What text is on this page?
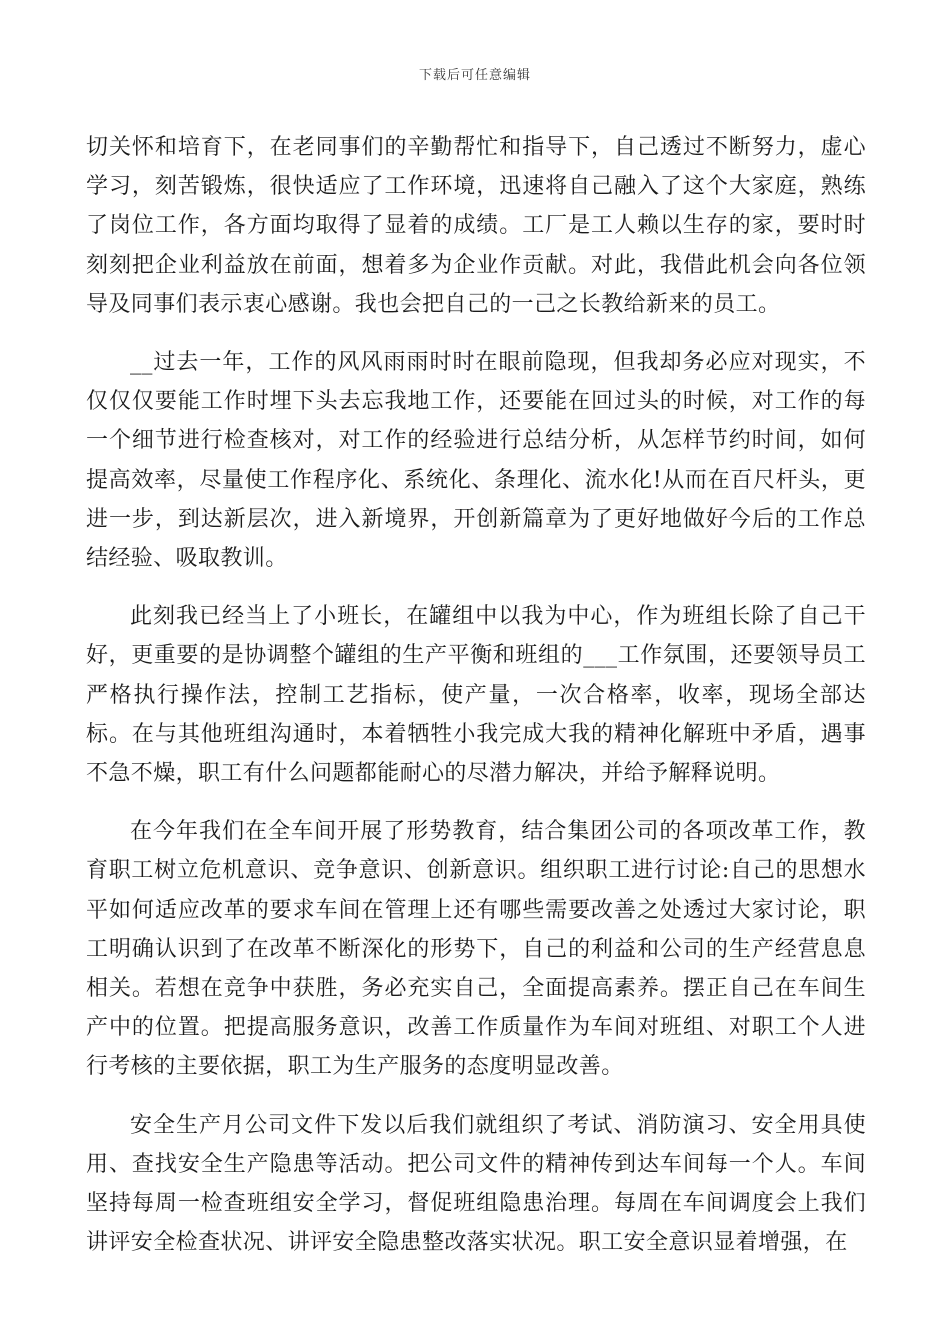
下载后可任意编辑

切关怀和培育下，在老同事们的辛勤帮忙和指导下，自己透过不断努力，虚心学习，刻苦锻炼，很快适应了工作环境，迅速将自己融入了这个大家庭，熟练了岗位工作，各方面均取得了显着的成绩。工厂是工人赖以生存的家，要时时刻刻把企业利益放在前面，想着多为企业作贡献。对此，我借此机会向各位领导及同事们表示衷心感谢。我也会把自己的一己之长教给新来的员工。

__过去一年，工作的风风雨雨时时在眼前隐现，但我却务必应对现实，不仅仅仅要能工作时埋下头去忘我地工作，还要能在回过头的时候，对工作的每一个细节进行检查核对，对工作的经验进行总结分析，从怎样节约时间，如何提高效率，尽量使工作程序化、系统化、条理化、流水化!从而在百尺杆头，更进一步，到达新层次，进入新境界，开创新篇章为了更好地做好今后的工作总结经验、吸取教训。

此刻我已经当上了小班长，在罐组中以我为中心，作为班组长除了自己干好，更重要的是协调整个罐组的生产平衡和班组的___工作氛围，还要领导员工严格执行操作法，控制工艺指标，使产量，一次合格率，收率，现场全部达标。在与其他班组沟通时，本着牺牲小我完成大我的精神化解班中矛盾，遇事不急不燥，职工有什么问题都能耐心的尽潜力解决，并给予解释说明。

在今年我们在全车间开展了形势教育，结合集团公司的各项改革工作，教育职工树立危机意识、竞争意识、创新意识。组织职工进行讨论:自己的思想水平如何适应改革的要求车间在管理上还有哪些需要改善之处透过大家讨论，职工明确认识到了在改革不断深化的形势下，自己的利益和公司的生产经营息息相关。若想在竞争中获胜，务必充实自己，全面提高素养。摆正自己在车间生产中的位置。把提高服务意识，改善工作质量作为车间对班组、对职工个人进行考核的主要依据，职工为生产服务的态度明显改善。

安全生产月公司文件下发以后我们就组织了考试、消防演习、安全用具使用、查找安全生产隐患等活动。把公司文件的精神传到达车间每一个人。车间坚持每周一检查班组安全学习，督促班组隐患治理。每周在车间调度会上我们讲评安全检查状况、讲评安全隐患整改落实状况。职工安全意识显着增强，在
